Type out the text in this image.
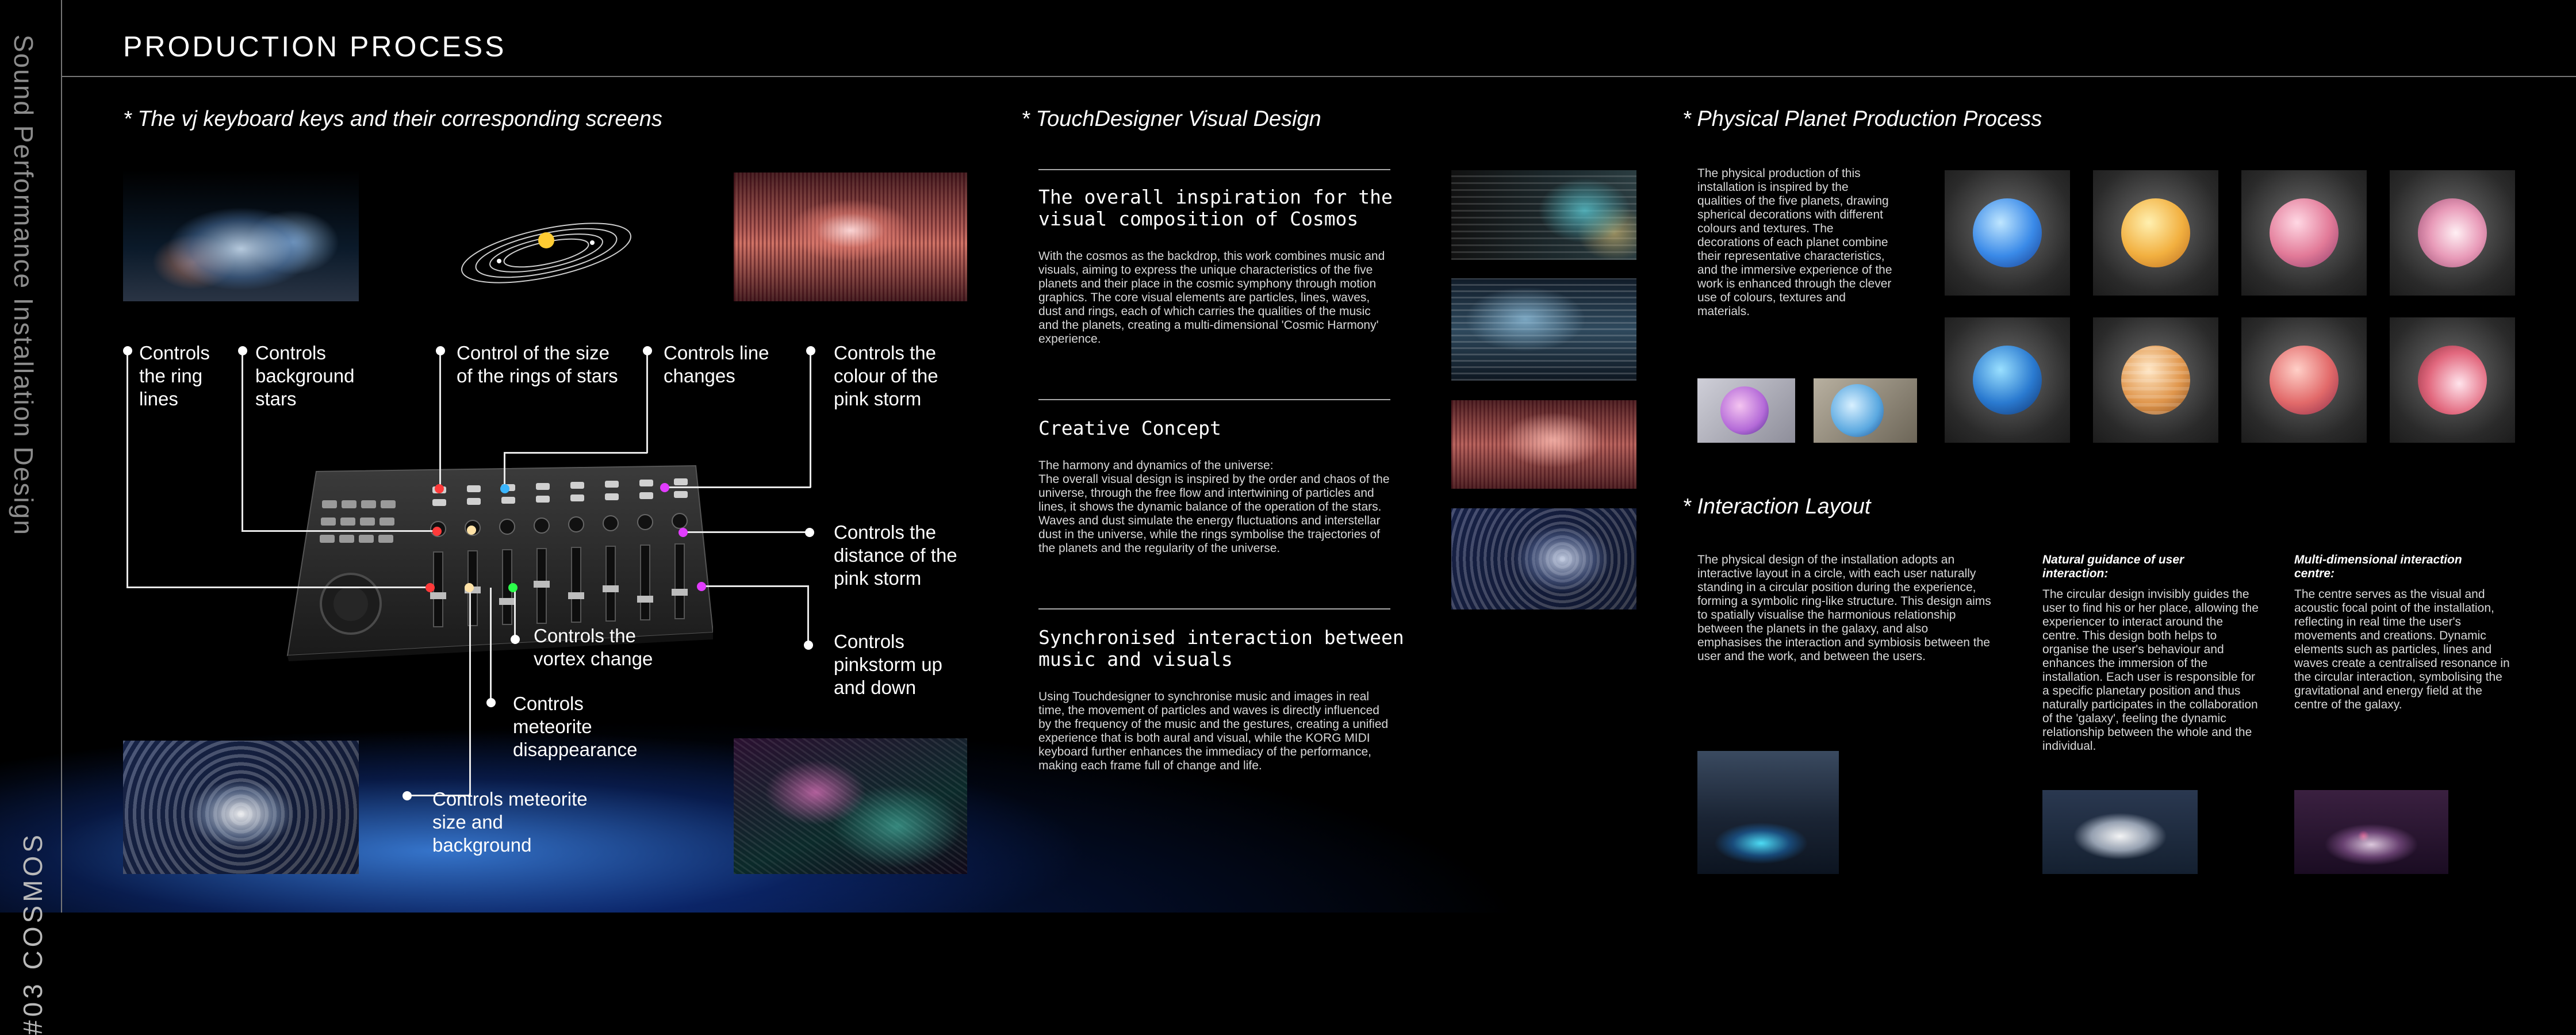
Sound Performance Installation Design
#03 COSMOS
PRODUCTION PROCESS
* The vj keyboard keys and their corresponding screens
Controls the ring lines
Controls background stars
Control of the size of the rings of stars
Controls line changes
Controls the colour of the pink storm
Controls the distance of the pink storm
Controls pinkstorm up and down
Controls the vortex change
Controls meteorite disappearance
Controls meteorite size and background
* TouchDesigner Visual Design
The overall inspiration for the visual composition of Cosmos
With the cosmos as the backdrop, this work combines music and visuals, aiming to express the unique characteristics of the five planets and their place in the cosmic symphony through motion graphics. The core visual elements are particles, lines, waves, dust and rings, each of which carries the qualities of the music and the planets, creating a multi-dimensional 'Cosmic Harmony' experience.
Creative Concept
The harmony and dynamics of the universe:
The overall visual design is inspired by the order and chaos of the universe, through the free flow and intertwining of particles and lines, it shows the dynamic balance of the operation of the stars. Waves and dust simulate the energy fluctuations and interstellar dust in the universe, while the rings symbolise the trajectories of the planets and the regularity of the universe.
Synchronised interaction between music and visuals
Using Touchdesigner to synchronise music and images in real time, the movement of particles and waves is directly influenced by the frequency of the music and the gestures, creating a unified experience that is both aural and visual, while the KORG MIDI keyboard further enhances the immediacy of the performance, making each frame full of change and life.
* Physical Planet Production Process
The physical production of this installation is inspired by the qualities of the five planets, drawing spherical decorations with different colours and textures. The decorations of each planet combine their representative characteristics, and the immersive experience of the work is enhanced through the clever use of colours, textures and materials.
* Interaction Layout
The physical design of the installation adopts an interactive layout in a circle, with each user naturally standing in a circular position during the experience, forming a symbolic ring-like structure. This design aims to spatially visualise the harmonious relationship between the planets in the galaxy, and also emphasises the interaction and symbiosis between the user and the work, and between the users.
Natural guidance of user interaction:
The circular design invisibly guides the user to find his or her place, allowing the experiencer to interact around the centre. This design both helps to organise the user's behaviour and enhances the immersion of the installation. Each user is responsible for a specific planetary position and thus naturally participates in the collaboration of the 'galaxy', feeling the dynamic relationship between the whole and the individual.
Multi-dimensional interaction centre:
The centre serves as the visual and acoustic focal point of the installation, reflecting in real time the user's movements and creations. Dynamic elements such as particles, lines and waves create a centralised resonance in the circular interaction, symbolising the gravitational and energy field at the centre of the galaxy.
